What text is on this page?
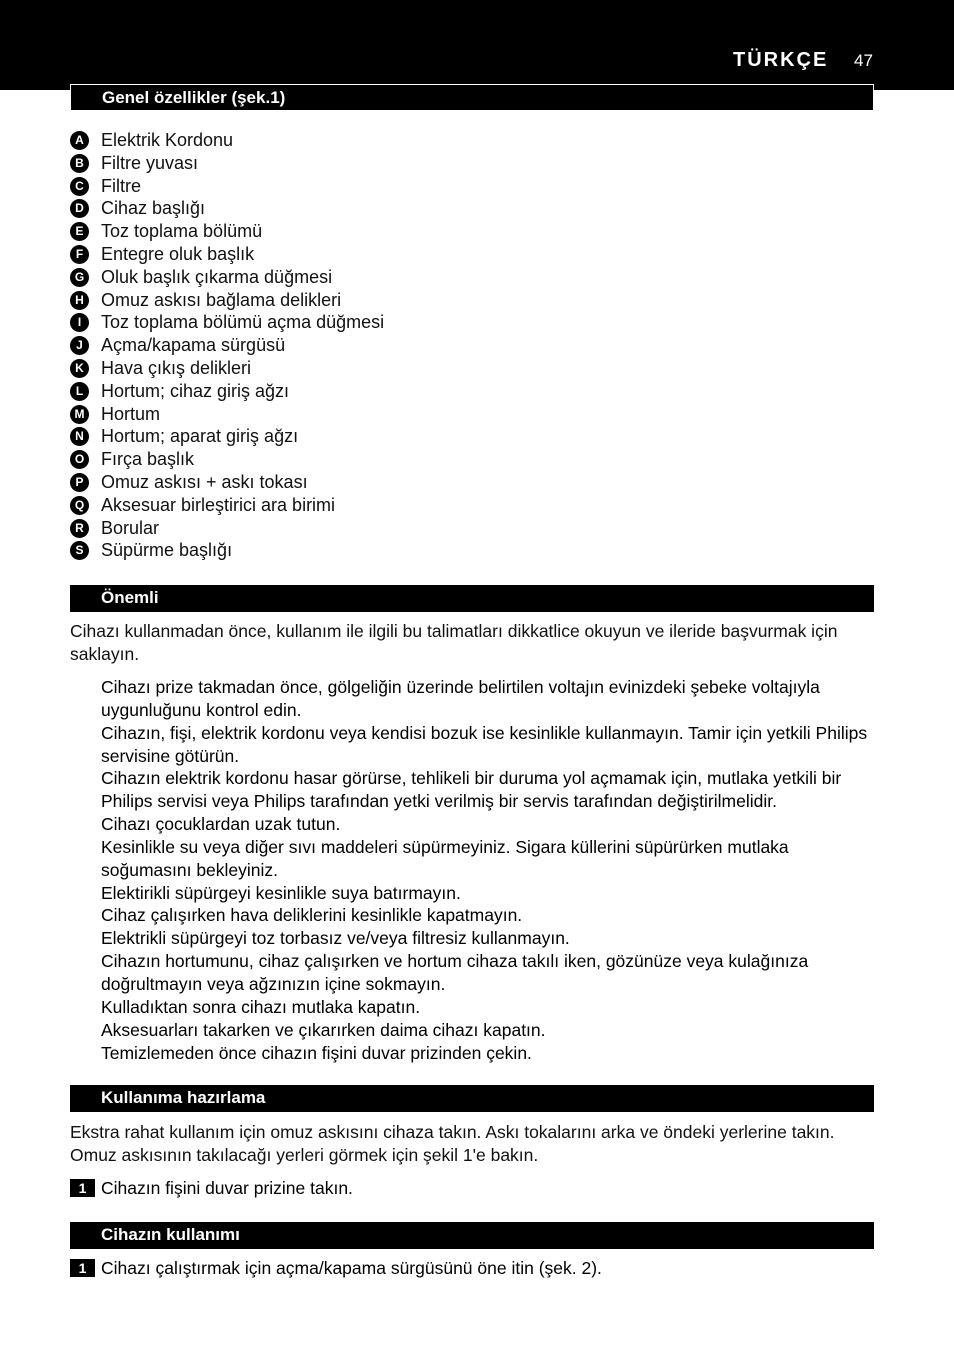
TÜRKÇE 47
Genel özellikler (şek.1)
A Elektrik Kordonu
B Filtre yuvası
C Filtre
D Cihaz başlığı
E Toz toplama bölümü
F Entegre oluk başlık
G Oluk başlık çıkarma düğmesi
H Omuz askısı bağlama delikleri
I	Toz toplama bölümü açma düğmesi
J	Açma/kapama sürgüsü
K Hava çıkış delikleri
L Hortum; cihaz giriş ağzı
M Hortum
N Hortum; aparat giriş ağzı
O Fırça başlık
P Omuz askısı + askı tokası
Q Aksesuar birleştirici ara birimi
R Borular
S Süpürme başlığı
Önemli

Cihazı kullanmadan önce, kullanım ile ilgili bu talimatları dikkatlice okuyun ve ileride başvurmak için saklayın.

Cihazı prize takmadan önce, gölgeliğin üzerinde belirtilen voltajın evinizdeki şebeke voltajıyla uygunluğunu kontrol edin.
Cihazın, fişi, elektrik kordonu veya kendisi bozuk ise kesinlikle kullanmayın. Tamir için yetkili Philips servisine götürün.
Cihazın elektrik kordonu hasar görürse, tehlikeli bir duruma yol açmamak için, mutlaka yetkili bir Philips servisi veya Philips tarafından yetki verilmiş bir servis tarafından değiştirilmelidir.
Cihazı çocuklardan uzak tutun.
Kesinlikle su veya diğer sıvı maddeleri süpürmeyiniz. Sigara küllerini süpürürken mutlaka soğumasını bekleyiniz.
Elektirikli süpürgeyi kesinlikle suya batırmayın.
Cihaz çalışırken hava deliklerini kesinlikle kapatmayın.
Elektrikli süpürgeyi toz torbasız ve/veya filtresiz kullanmayın.
Cihazın hortumunu, cihaz çalışırken ve hortum cihaza takılı iken, gözünüze veya kulağınıza doğrultmayın veya ağzınızın içine sokmayın.
Kulladıktan sonra cihazı mutlaka kapatın.
Aksesuarları takarken ve çıkarırken daima cihazı kapatın.
Temizlemeden önce cihazın fişini duvar prizinden çekin.
Kullanıma hazırlama

Ekstra rahat kullanım için omuz askısını cihaza takın. Askı tokalarını arka ve öndeki yerlerine takın. Omuz askısının takılacağı yerleri görmek için şekil 1'e bakın.

1 Cihazın fişini duvar prizine takın.
Cihazın kullanımı
1 Cihazı çalıştırmak için açma/kapama sürgüsünü öne itin (şek. 2).
